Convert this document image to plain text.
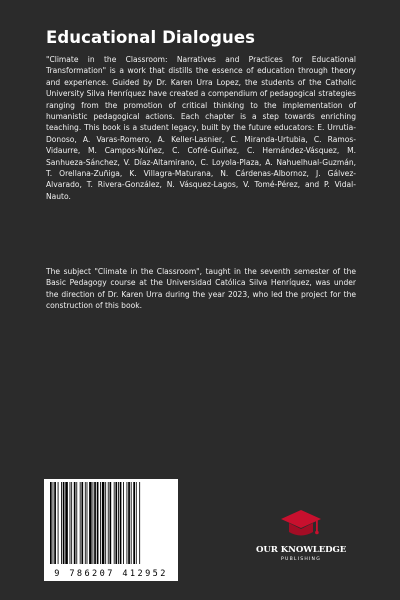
Educational Dialogues

"Climate in the Classroom: Narratives and Practices for Educational Transformation" is a work that distills the essence of education through theory and experience. Guided by Dr. Karen Urra Lopez, the students of the Catholic University Silva Henríquez have created a compendium of pedagogical strategies ranging from the promotion of critical thinking to the implementation of humanistic pedagogical actions. Each chapter is a step towards enriching teaching. This book is a student legacy, built by the future educators: E. Urrutia-Donoso, A. Varas-Romero, A. Keller-Lasnier, C. Miranda-Urtubia, C. Ramos-Vidaurre, M. Campos-Núñez, C. Cofré-Guiñez, C. Hernández-Vásquez, M. Sanhueza-Sánchez, V. Díaz-Altamirano, C. Loyola-Plaza, A. Nahuelhual-Guzmán, T. Orellana-Zuñiga, K. Villagra-Maturana, N. Cárdenas-Albornoz, J. Gálvez-Alvarado, T. Rivera-González, N. Vásquez-Lagos, V. Tomé-Pérez, and P. Vidal-Nauto.

The subject "Climate in the Classroom", taught in the seventh semester of the Basic Pedagogy course at the Universidad Católica Silva Henríquez, was under the direction of Dr. Karen Urra during the year 2023, who led the project for the construction of this book.

9 786207 412952
OUR KNOWLEDGE
PUBLISHING
